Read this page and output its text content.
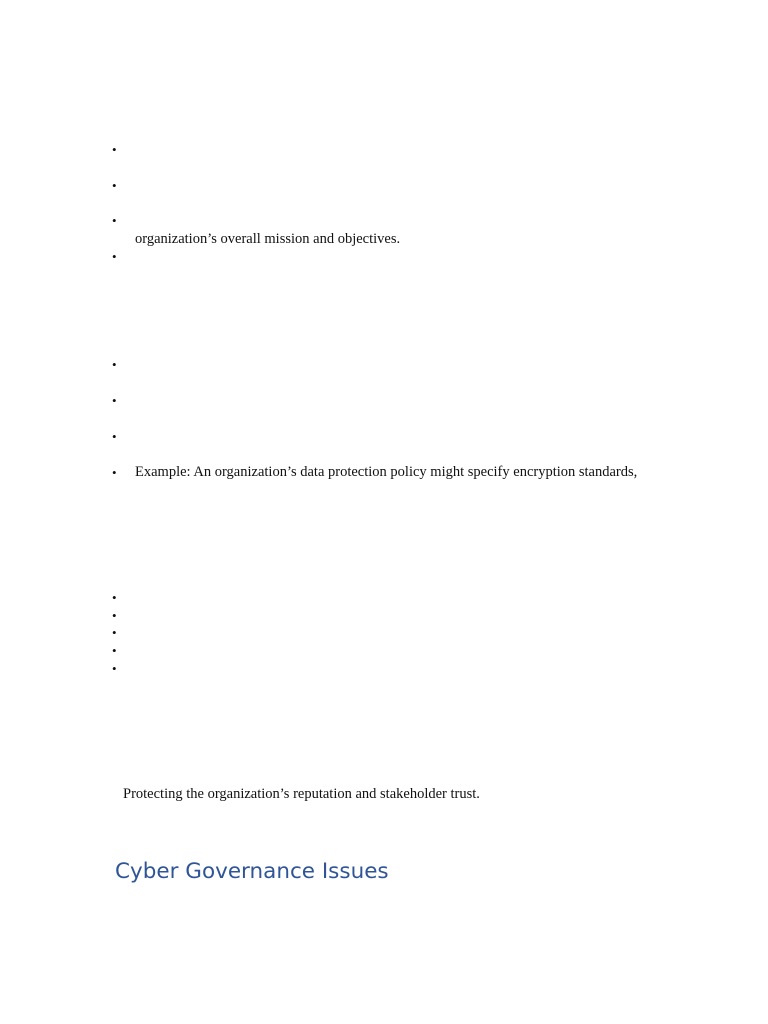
•
•
•
organization’s overall mission and objectives.
•
•
•
•
• Example: An organization’s data protection policy might specify encryption standards,
•
•
•
•
•
Protecting the organization’s reputation and stakeholder trust.
Cyber Governance Issues
